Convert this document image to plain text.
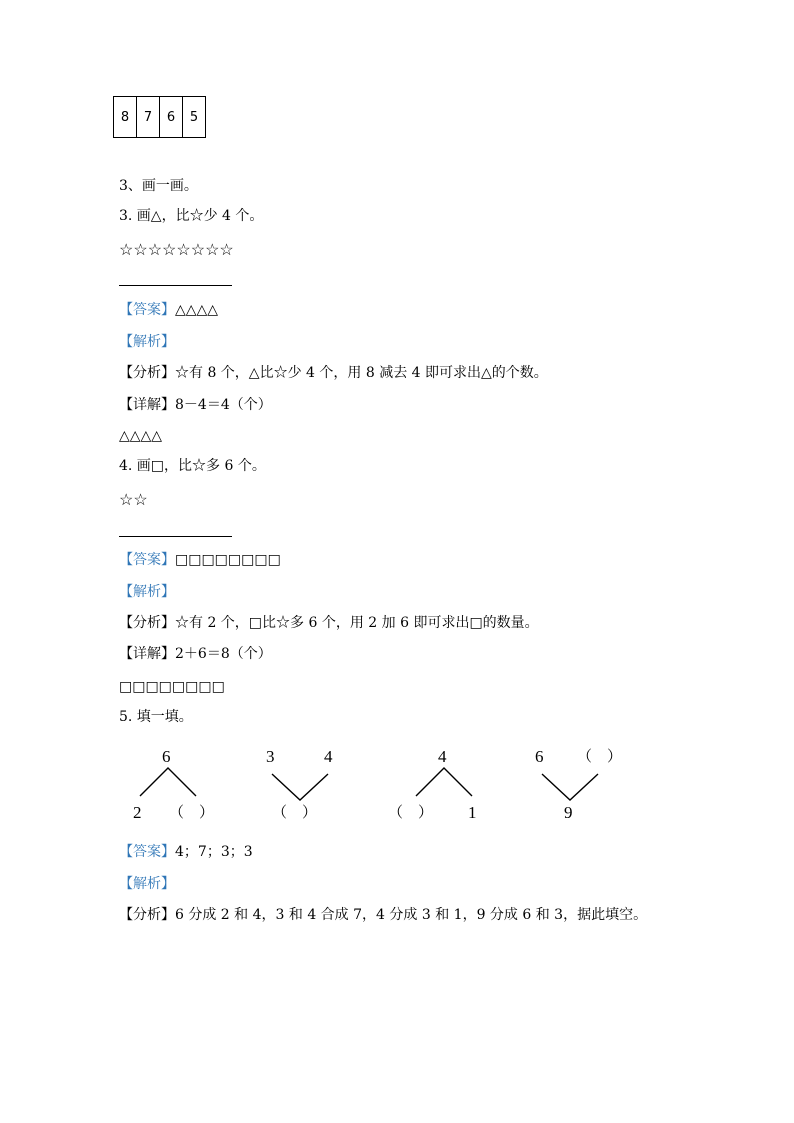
8	7	6	5
3、画一画。
3. 画△，比☆少 4 个。
☆☆☆☆☆☆☆☆
【答案】△△△△
【解析】
【分析】☆有 8 个，△比☆少 4 个，用 8 减去 4 即可求出△的个数。
【详解】8－4＝4（个）
△△△△
4. 画□，比☆多 6 个。
☆☆
【答案】□□□□□□□□
【解析】
【分析】☆有 2 个，□比☆多 6 个，用 2 加 6 即可求出□的数量。
【详解】2＋6＝8（个）
□□□□□□□□
5. 填一填。
6
2 （　）
3	4
（　）
4
（　） 1
6 （　）
9
【答案】4；7；3；3
【解析】
【分析】6 分成 2 和 4，3 和 4 合成 7，4 分成 3 和 1，9 分成 6 和 3，据此填空。
